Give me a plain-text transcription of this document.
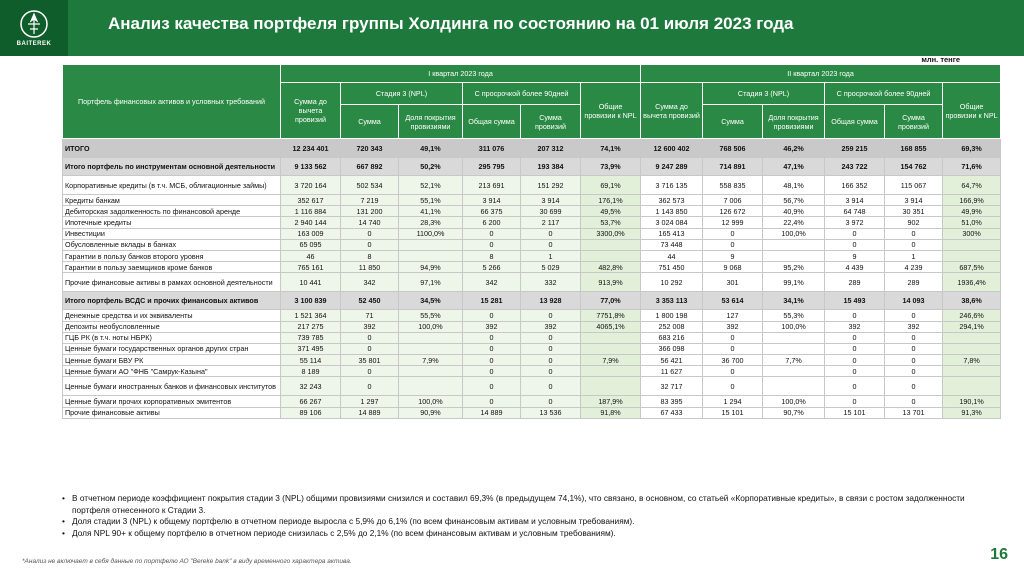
BAITEREK
Анализ качества портфеля группы Холдинга по состоянию на 01 июля 2023 года
млн. тенге
Портфель финансовых активов и условных требований	I квартал 2023 года						II квартал 2023 года					
	Сумма до вычета провизий	Стадия 3 (NPL)		С просрочкой более 90дней		Общие провизии к NPL	Сумма до вычета провизий	Стадия 3 (NPL)		С просрочкой более 90дней		Общие провизии к NPL
		Сумма	Доля покрытия провизиями	Общая сумма	Сумма провизий			Сумма	Доля покрытия провизиями	Общая сумма	Сумма провизий	
ИТОГО	12 234 401	720 343	49,1%	311 076	207 312	74,1%	12 600 402	768 506	46,2%	259 215	168 855	69,3%
Итого портфель по инструментам основной деятельности	9 133 562	667 892	50,2%	295 795	193 384	73,9%	9 247 289	714 891	47,1%	243 722	154 762	71,6%
Корпоративные кредиты (в т.ч. МСБ, облигационные займы)	3 720 164	502 534	52,1%	213 691	151 292	69,1%	3 716 135	558 835	48,1%	166 352	115 067	64,7%
Кредиты банкам	352 617	7 219	55,1%	3 914	3 914	176,1%	362 573	7 006	56,7%	3 914	3 914	166,9%
Дебиторская задолженность по финансовой аренде	1 116 884	131 200	41,1%	66 375	30 699	49,5%	1 143 850	126 672	40,9%	64 748	30 351	49,9%
Ипотечные кредиты	2 940 144	14 740	28,3%	6 200	2 117	53,7%	3 024 084	12 999	22,4%	3 972	902	51,0%
Инвестиции	163 009	0	1100,0%	0	0	3300,0%	165 413	0	100,0%	0	0	300%
Обусловленные вклады в банках	65 095	0		0	0		73 448	0		0	0	
Гарантии в пользу банков второго уровня	46	8		8	1		44	9		9	1	
Гарантии в пользу заемщиков кроме банков	765 161	11 850	94,9%	5 266	5 029	482,8%	751 450	9 068	95,2%	4 439	4 239	687,5%
Прочие финансовые активы в рамках основной деятельности	10 441	342	97,1%	342	332	913,9%	10 292	301	99,1%	289	289	1936,4%
Итого портфель ВСДС и прочих финансовых активов	3 100 839	52 450	34,5%	15 281	13 928	77,0%	3 353 113	53 614	34,1%	15 493	14 093	38,6%
Денежные средства и их эквиваленты	1 521 364	71	55,5%	0	0	7751,8%	1 800 198	127	55,3%	0	0	246,6%
Депозиты необусловленные	217 275	392	100,0%	392	392	4065,1%	252 008	392	100,0%	392	392	294,1%
ГЦБ РК (в т.ч. ноты НБРК)	739 785	0		0	0		683 216	0		0	0	
Ценные бумаги государственных органов других стран	371 495	0		0	0		366 098	0		0	0	
Ценные бумаги БВУ РК	55 114	35 801	7,9%	0	0	7,9%	56 421	36 700	7,7%	0	0	7,8%
Ценные бумаги АО "ФНБ "Самрук-Казына"	8 189	0		0	0		11 627	0		0	0	
Ценные бумаги иностранных банков и финансовых институтов	32 243	0		0	0		32 717	0		0	0	
Ценные бумаги прочих корпоративных эмитентов	66 267	1 297	100,0%	0	0	187,9%	83 395	1 294	100,0%	0	0	190,1%
Прочие финансовые активы	89 106	14 889	90,9%	14 889	13 536	91,8%	67 433	15 101	90,7%	15 101	13 701	91,3%
• В отчетном периоде коэффициент покрытия стадии 3 (NPL) общими провизиями снизился и составил 69,3% (в предыдущем 74,1%), что связано, в основном, со статьей «Корпоративные кредиты», в связи с ростом задолженности портфеля отнесенного к Стадии 3.
• Доля стадии 3 (NPL) к общему портфелю в отчетном периоде выросла с 5,9% до 6,1% (по всем финансовым активам и условным требованиям).
• Доля NPL 90+ к общему портфелю в отчетном периоде снизилась с 2,5% до 2,1% (по всем финансовым активам и условным требованиям).
*Анализ не включает в себя данные по портфелю АО "Bereke bank" в виду временного характера актива.	16
